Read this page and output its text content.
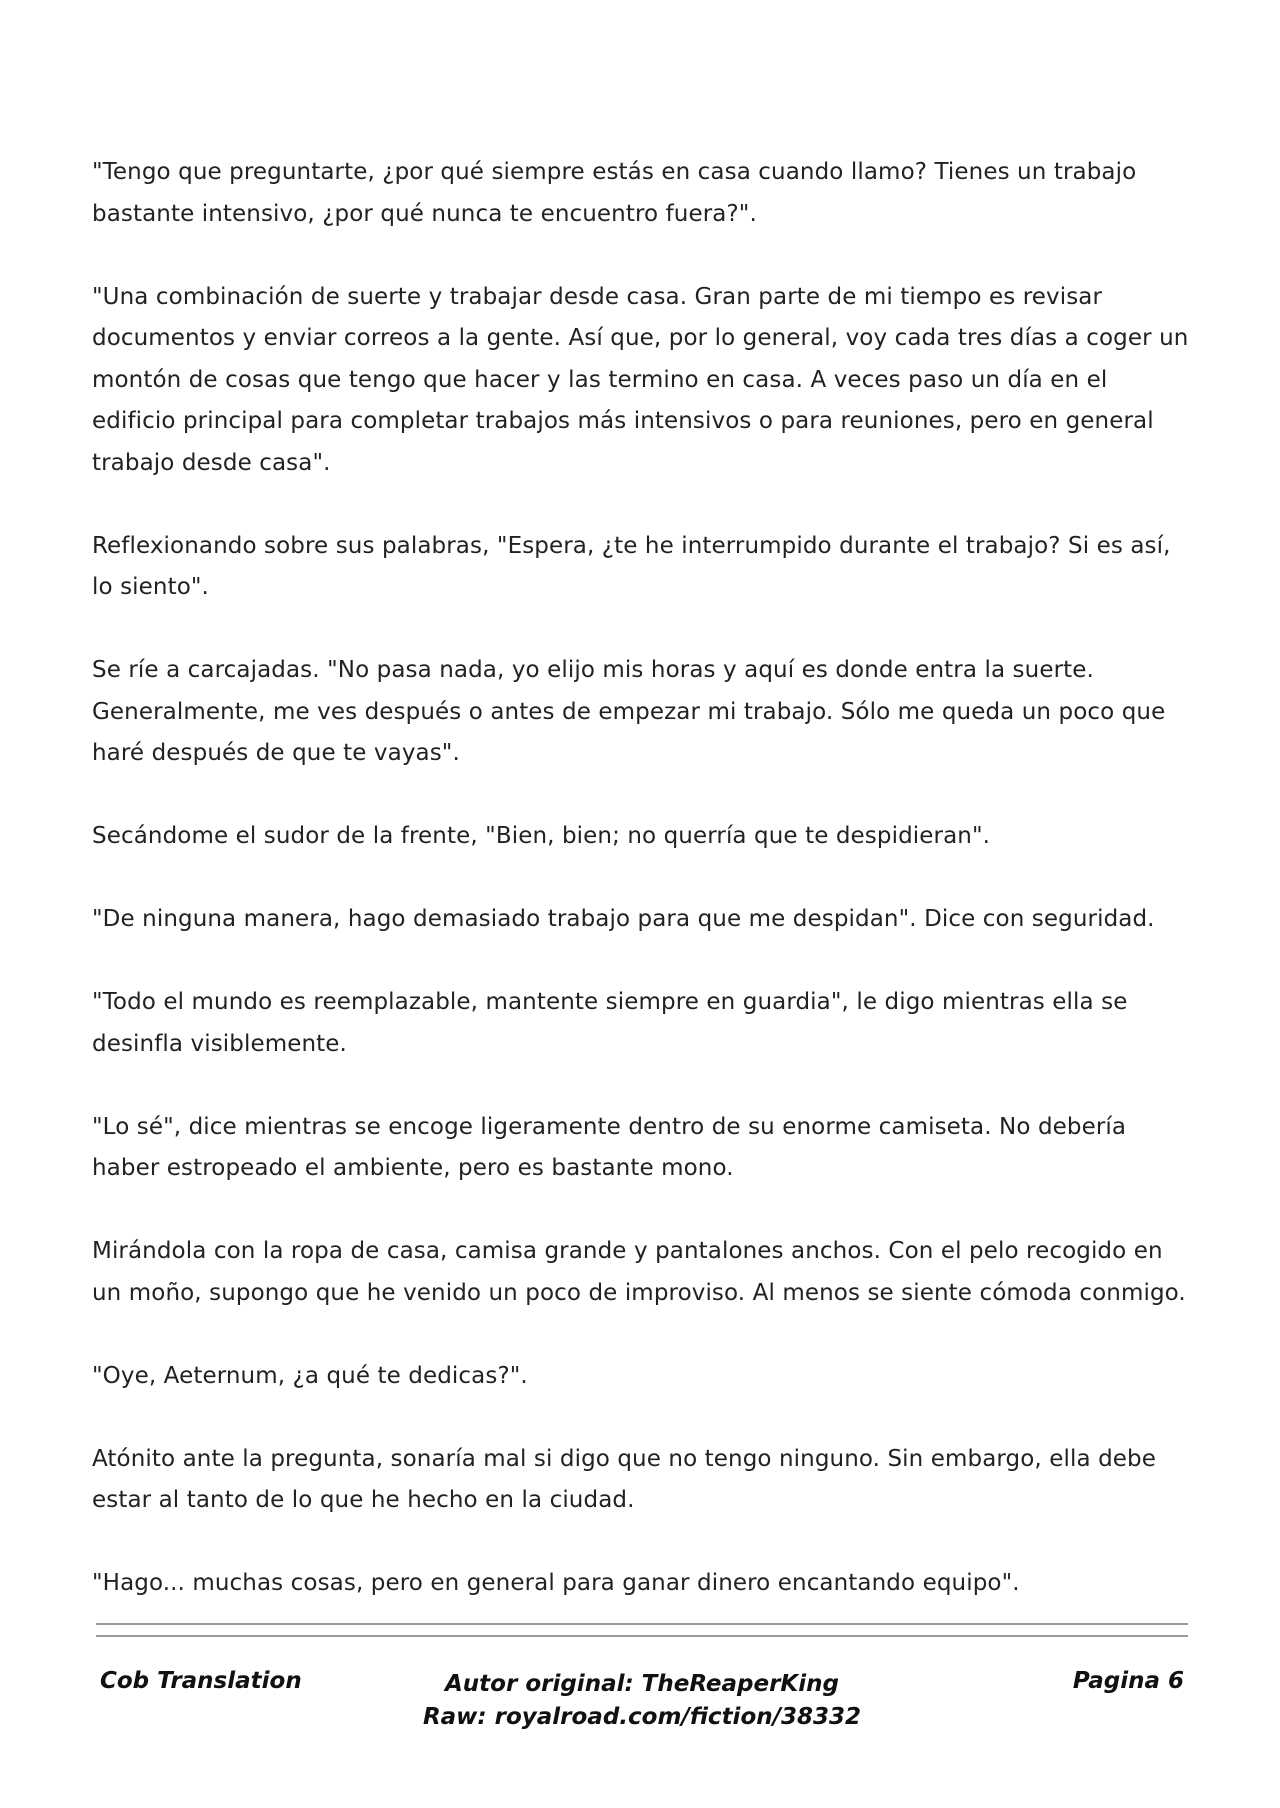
"Tengo que preguntarte, ¿por qué siempre estás en casa cuando llamo? Tienes un trabajo bastante intensivo, ¿por qué nunca te encuentro fuera?".

"Una combinación de suerte y trabajar desde casa. Gran parte de mi tiempo es revisar documentos y enviar correos a la gente. Así que, por lo general, voy cada tres días a coger un montón de cosas que tengo que hacer y las termino en casa. A veces paso un día en el edificio principal para completar trabajos más intensivos o para reuniones, pero en general trabajo desde casa".

Reflexionando sobre sus palabras, "Espera, ¿te he interrumpido durante el trabajo? Si es así, lo siento".

Se ríe a carcajadas. "No pasa nada, yo elijo mis horas y aquí es donde entra la suerte. Generalmente, me ves después o antes de empezar mi trabajo. Sólo me queda un poco que haré después de que te vayas".

Secándome el sudor de la frente, "Bien, bien; no querría que te despidieran".

"De ninguna manera, hago demasiado trabajo para que me despidan". Dice con seguridad.

"Todo el mundo es reemplazable, mantente siempre en guardia", le digo mientras ella se desinfla visiblemente.

"Lo sé", dice mientras se encoge ligeramente dentro de su enorme camiseta. No debería haber estropeado el ambiente, pero es bastante mono.

Mirándola con la ropa de casa, camisa grande y pantalones anchos. Con el pelo recogido en un moño, supongo que he venido un poco de improviso. Al menos se siente cómoda conmigo.

"Oye, Aeternum, ¿a qué te dedicas?".

Atónito ante la pregunta, sonaría mal si digo que no tengo ninguno. Sin embargo, ella debe estar al tanto de lo que he hecho en la ciudad.

"Hago... muchas cosas, pero en general para ganar dinero encantando equipo".

Cob Translation	Autor original: TheReaperKing
Raw: royalroad.com/fiction/38332
Pagina 6
